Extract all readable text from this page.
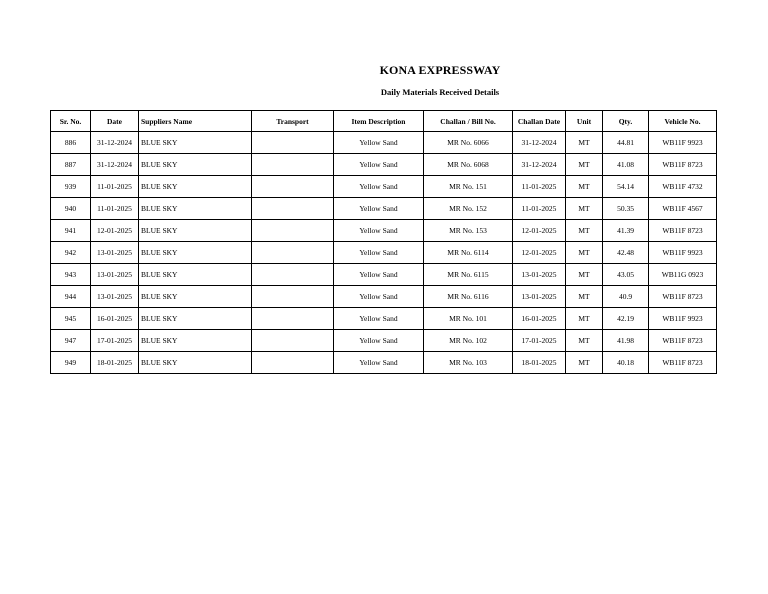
KONA EXPRESSWAY
Daily Materials Received Details
Sr. No.	Date	Suppliers Name	Transport	Item Description	Challan / Bill No.	Challan Date	Unit	Qty.	Vehicle No.
886	31-12-2024	BLUE SKY		Yellow Sand	MR No. 6066	31-12-2024	MT	44.81	WB11F 9923
887	31-12-2024	BLUE SKY		Yellow Sand	MR No. 6068	31-12-2024	MT	41.08	WB11F 8723
939	11-01-2025	BLUE SKY		Yellow Sand	MR No. 151	11-01-2025	MT	54.14	WB11F 4732
940	11-01-2025	BLUE SKY		Yellow Sand	MR No. 152	11-01-2025	MT	50.35	WB11F 4567
941	12-01-2025	BLUE SKY		Yellow Sand	MR No. 153	12-01-2025	MT	41.39	WB11F 8723
942	13-01-2025	BLUE SKY		Yellow Sand	MR No. 6114	12-01-2025	MT	42.48	WB11F 9923
943	13-01-2025	BLUE SKY		Yellow Sand	MR No. 6115	13-01-2025	MT	43.05	WB11G 0923
944	13-01-2025	BLUE SKY		Yellow Sand	MR No. 6116	13-01-2025	MT	40.9	WB11F 8723
945	16-01-2025	BLUE SKY		Yellow Sand	MR No. 101	16-01-2025	MT	42.19	WB11F 9923
947	17-01-2025	BLUE SKY		Yellow Sand	MR No. 102	17-01-2025	MT	41.98	WB11F 8723
949	18-01-2025	BLUE SKY		Yellow Sand	MR No. 103	18-01-2025	MT	40.18	WB11F 8723
